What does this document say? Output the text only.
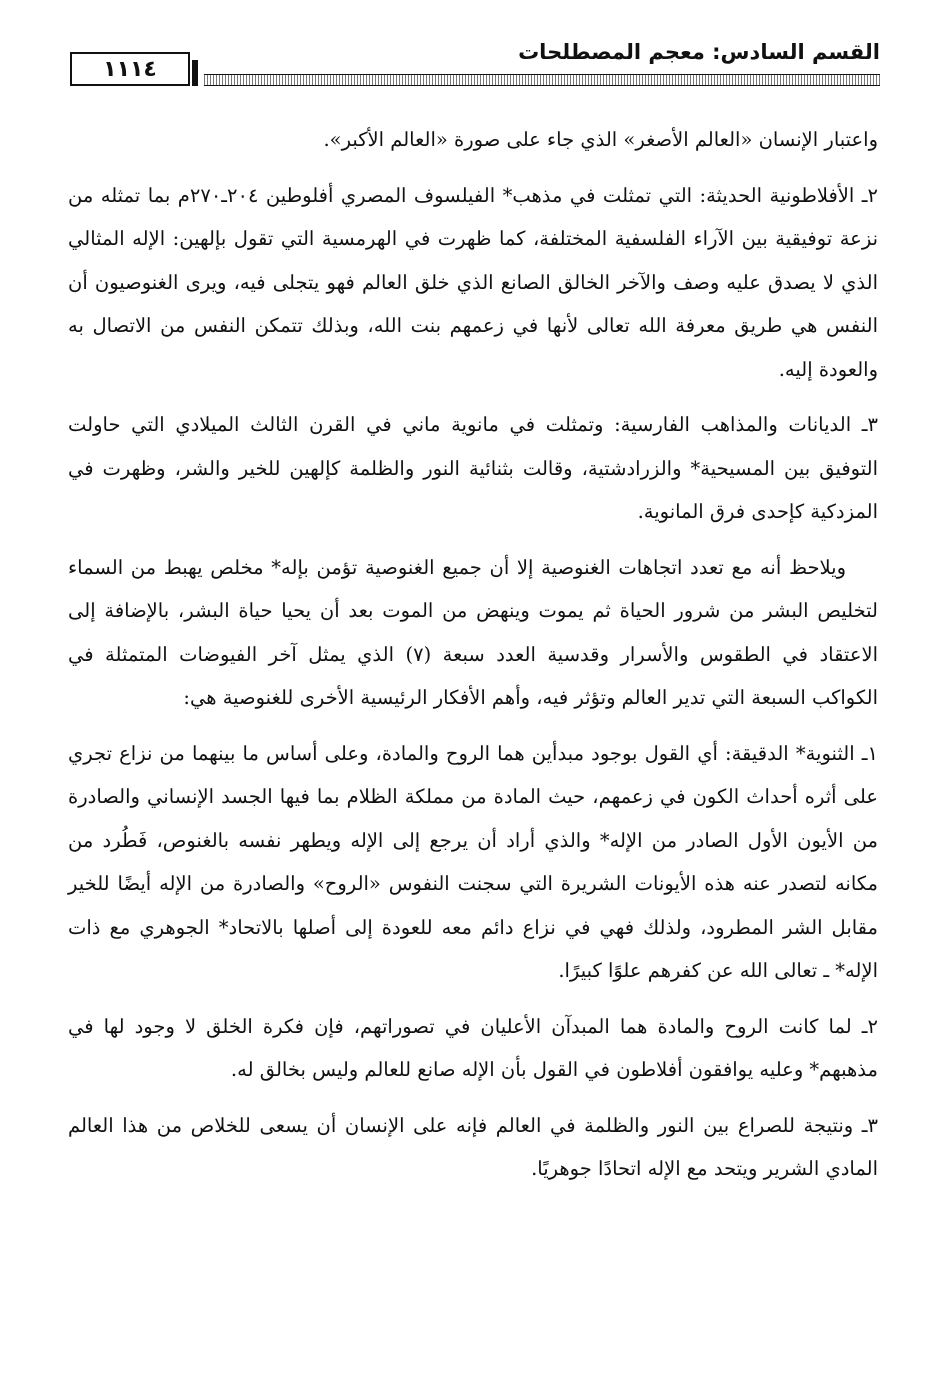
١١١٤
القسم السادس: معجم المصطلحات

واعتبار الإنسان «العالم الأصغر» الذي جاء على صورة «العالم الأكبر».

٢ـ الأفلاطونية الحديثة: التي تمثلت في مذهب* الفيلسوف المصري أفلوطين ٢٠٤ـ٢٧٠م بما تمثله من نزعة توفيقية بين الآراء الفلسفية المختلفة، كما ظهرت في الهرمسية التي تقول بإلهين: الإله المثالي الذي لا يصدق عليه وصف والآخر الخالق الصانع الذي خلق العالم فهو يتجلى فيه، ويرى الغنوصيون أن النفس هي طريق معرفة الله تعالى لأنها في زعمهم بنت الله، وبذلك تتمكن النفس من الاتصال به والعودة إليه.

٣ـ الديانات والمذاهب الفارسية: وتمثلت في مانوية ماني في القرن الثالث الميلادي التي حاولت التوفيق بين المسيحية* والزرادشتية، وقالت بثنائية النور والظلمة كإلهين للخير والشر، وظهرت في المزدكية كإحدى فرق المانوية.

ويلاحظ أنه مع تعدد اتجاهات الغنوصية إلا أن جميع الغنوصية تؤمن بإله* مخلص يهبط من السماء لتخليص البشر من شرور الحياة ثم يموت وينهض من الموت بعد أن يحيا حياة البشر، بالإضافة إلى الاعتقاد في الطقوس والأسرار وقدسية العدد سبعة (٧) الذي يمثل آخر الفيوضات المتمثلة في الكواكب السبعة التي تدير العالم وتؤثر فيه، وأهم الأفكار الرئيسية الأخرى للغنوصية هي:

١ـ الثنوية* الدقيقة: أي القول بوجود مبدأين هما الروح والمادة، وعلى أساس ما بينهما من نزاع تجري على أثره أحداث الكون في زعمهم، حيث المادة من مملكة الظلام بما فيها الجسد الإنساني والصادرة من الأيون الأول الصادر من الإله* والذي أراد أن يرجع إلى الإله ويطهر نفسه بالغنوص، فَطُرد من مكانه لتصدر عنه هذه الأيونات الشريرة التي سجنت النفوس «الروح» والصادرة من الإله أيضًا للخير مقابل الشر المطرود، ولذلك فهي في نزاع دائم معه للعودة إلى أصلها بالاتحاد* الجوهري مع ذات الإله* ـ تعالى الله عن كفرهم علوًا كبيرًا.

٢ـ لما كانت الروح والمادة هما المبدآن الأعليان في تصوراتهم، فإن فكرة الخلق لا وجود لها في مذهبهم* وعليه يوافقون أفلاطون في القول بأن الإله صانع للعالم وليس بخالق له.

٣ـ ونتيجة للصراع بين النور والظلمة في العالم فإنه على الإنسان أن يسعى للخلاص من هذا العالم المادي الشرير ويتحد مع الإله اتحادًا جوهريًا.
